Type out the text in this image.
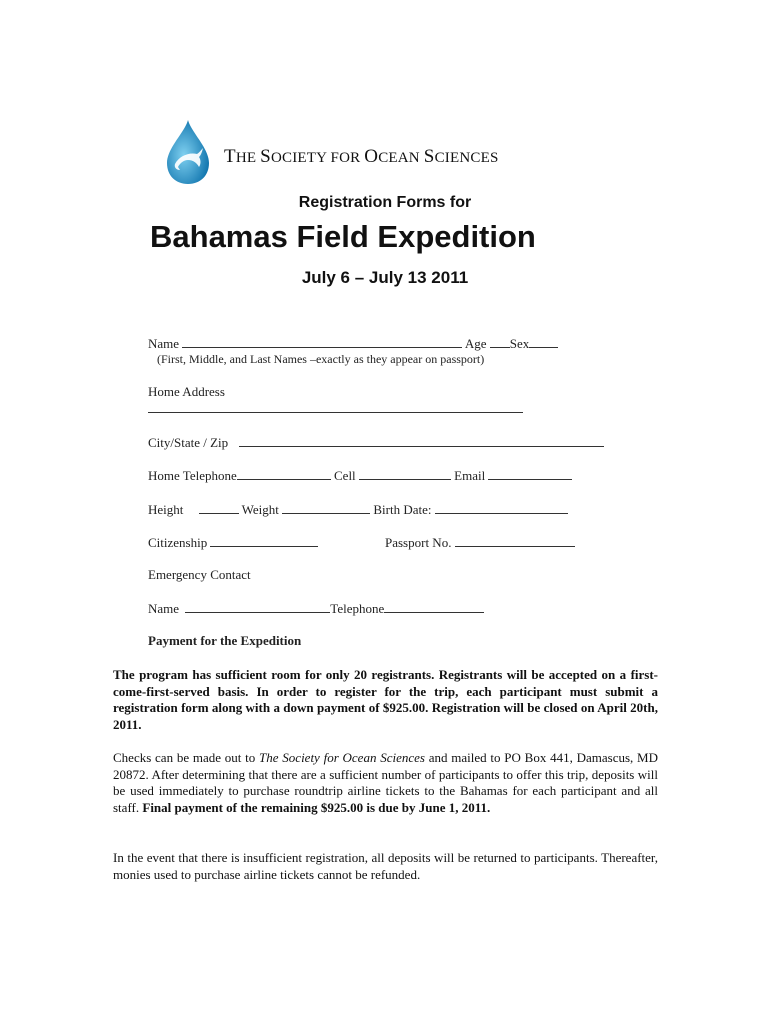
THE SOCIETY FOR OCEAN SCIENCES
Registration Forms for
Bahamas Field Expedition
July 6 – July 13 2011
Name	Age Sex
(First, Middle, and Last Names –exactly as they appear on passport)
Home Address
City/State / Zip
Home Telephone	Cell	Email
Height	Weight	Birth Date:
Citizenship	Passport No.
Emergency Contact
Name	Telephone
Payment for the Expedition

The program has sufficient room for only 20 registrants. Registrants will be accepted on a first-come-first-served basis. In order to register for the trip, each participant must submit a registration form along with a down payment of $925.00. Registration will be closed on April 20th, 2011.

Checks can be made out to The Society for Ocean Sciences and mailed to PO Box 441, Damascus, MD 20872. After determining that there are a sufficient number of participants to offer this trip, deposits will be used immediately to purchase roundtrip airline tickets to the Bahamas for each participant and all staff. Final payment of the remaining $925.00 is due by June 1, 2011.

In the event that there is insufficient registration, all deposits will be returned to participants. Thereafter, monies used to purchase airline tickets cannot be refunded.
